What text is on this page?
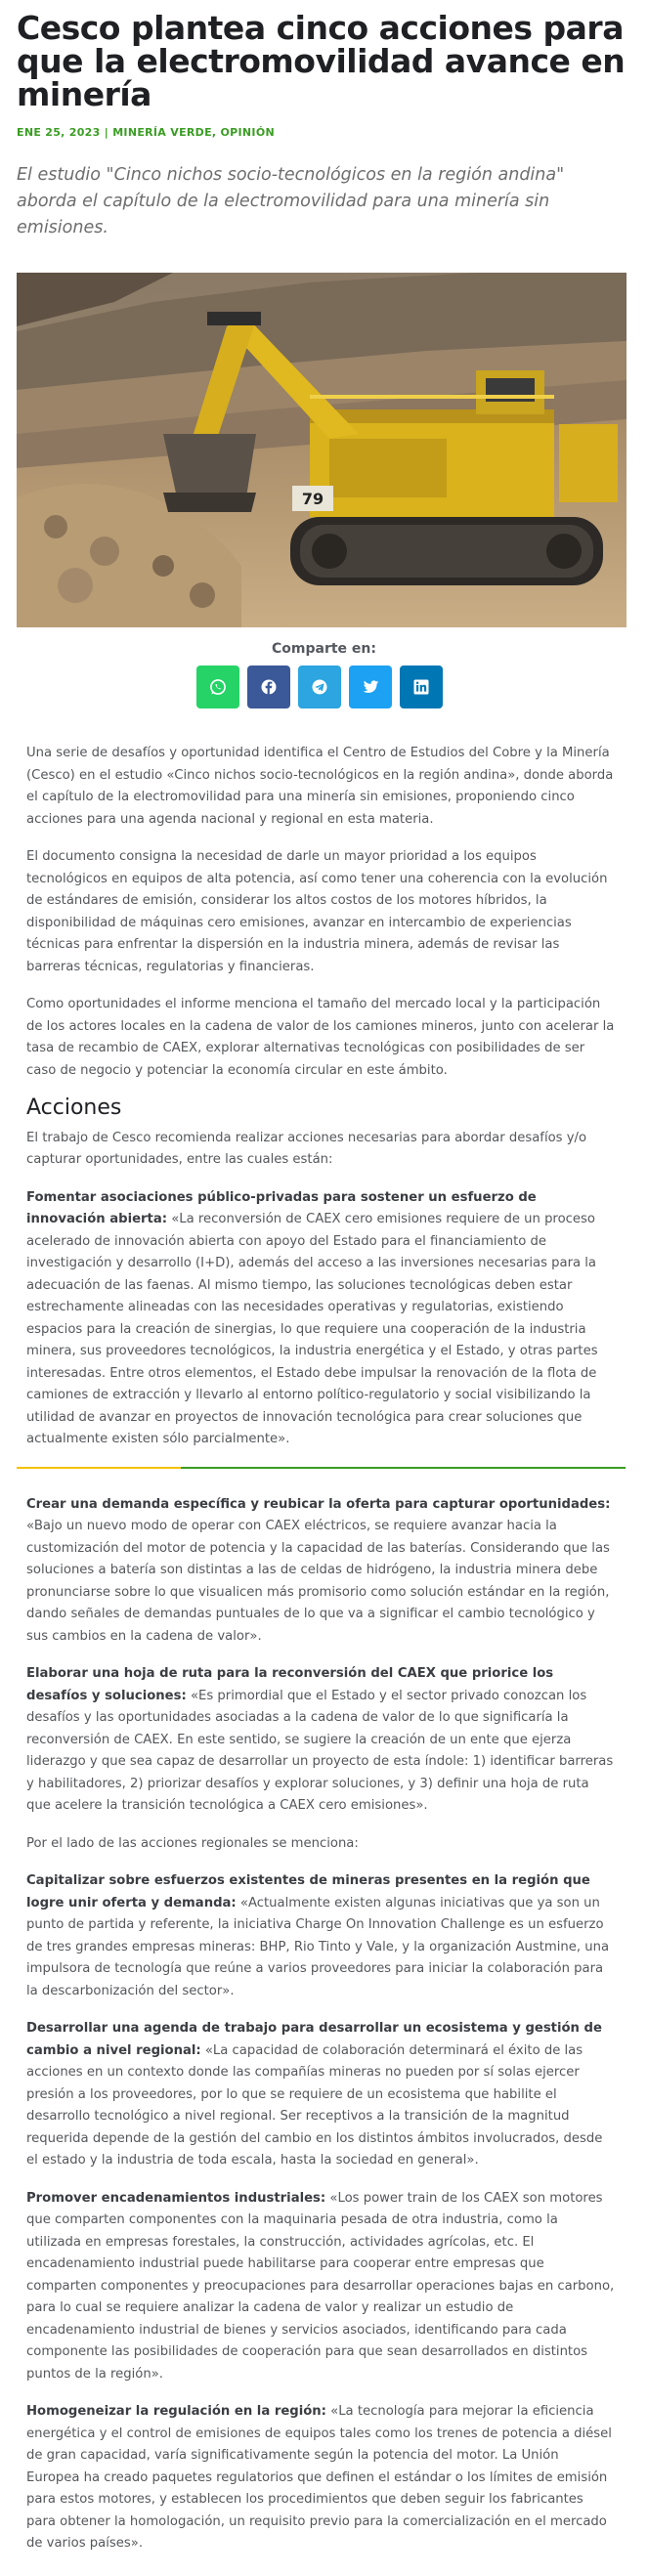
Cesco plantea cinco acciones para que la electromovilidad avance en minería
ENE 25, 2023 | MINERÍA VERDE, OPINIÓN

El estudio "Cinco nichos socio-tecnológicos en la región andina" aborda el capítulo de la electromovilidad para una minería sin emisiones.

79
Comparte en:

Una serie de desafíos y oportunidad identifica el Centro de Estudios del Cobre y la Minería (Cesco) en el estudio «Cinco nichos socio-tecnológicos en la región andina», donde aborda el capítulo de la electromovilidad para una minería sin emisiones, proponiendo cinco acciones para una agenda nacional y regional en esta materia.

El documento consigna la necesidad de darle un mayor prioridad a los equipos tecnológicos en equipos de alta potencia, así como tener una coherencia con la evolución de estándares de emisión, considerar los altos costos de los motores híbridos, la disponibilidad de máquinas cero emisiones, avanzar en intercambio de experiencias técnicas para enfrentar la dispersión en la industria minera, además de revisar las barreras técnicas, regulatorias y financieras.

Como oportunidades el informe menciona el tamaño del mercado local y la participación de los actores locales en la cadena de valor de los camiones mineros, junto con acelerar la tasa de recambio de CAEX, explorar alternativas tecnológicas con posibilidades de ser caso de negocio y potenciar la economía circular en este ámbito.

Acciones

El trabajo de Cesco recomienda realizar acciones necesarias para abordar desafíos y/o capturar oportunidades, entre las cuales están:

Fomentar asociaciones público-privadas para sostener un esfuerzo de innovación abierta: «La reconversión de CAEX cero emisiones requiere de un proceso acelerado de innovación abierta con apoyo del Estado para el financiamiento de investigación y desarrollo (I+D), además del acceso a las inversiones necesarias para la adecuación de las faenas. Al mismo tiempo, las soluciones tecnológicas deben estar estrechamente alineadas con las necesidades operativas y regulatorias, existiendo espacios para la creación de sinergias, lo que requiere una cooperación de la industria minera, sus proveedores tecnológicos, la industria energética y el Estado, y otras partes interesadas. Entre otros elementos, el Estado debe impulsar la renovación de la flota de camiones de extracción y llevarlo al entorno político-regulatorio y social visibilizando la utilidad de avanzar en proyectos de innovación tecnológica para crear soluciones que actualmente existen sólo parcialmente».

Crear una demanda específica y reubicar la oferta para capturar oportunidades: «Bajo un nuevo modo de operar con CAEX eléctricos, se requiere avanzar hacia la customización del motor de potencia y la capacidad de las baterías. Considerando que las soluciones a batería son distintas a las de celdas de hidrógeno, la industria minera debe pronunciarse sobre lo que visualicen más promisorio como solución estándar en la región, dando señales de demandas puntuales de lo que va a significar el cambio tecnológico y sus cambios en la cadena de valor».

Elaborar una hoja de ruta para la reconversión del CAEX que priorice los desafíos y soluciones: «Es primordial que el Estado y el sector privado conozcan los desafíos y las oportunidades asociadas a la cadena de valor de lo que significaría la reconversión de CAEX. En este sentido, se sugiere la creación de un ente que ejerza liderazgo y que sea capaz de desarrollar un proyecto de esta índole: 1) identificar barreras y habilitadores, 2) priorizar desafíos y explorar soluciones, y 3) definir una hoja de ruta que acelere la transición tecnológica a CAEX cero emisiones».

Por el lado de las acciones regionales se menciona:

Capitalizar sobre esfuerzos existentes de mineras presentes en la región que logre unir oferta y demanda: «Actualmente existen algunas iniciativas que ya son un punto de partida y referente, la iniciativa Charge On Innovation Challenge es un esfuerzo de tres grandes empresas mineras: BHP, Rio Tinto y Vale, y la organización Austmine, una impulsora de tecnología que reúne a varios proveedores para iniciar la colaboración para la descarbonización del sector».

Desarrollar una agenda de trabajo para desarrollar un ecosistema y gestión de cambio a nivel regional: «La capacidad de colaboración determinará el éxito de las acciones en un contexto donde las compañías mineras no pueden por sí solas ejercer presión a los proveedores, por lo que se requiere de un ecosistema que habilite el desarrollo tecnológico a nivel regional. Ser receptivos a la transición de la magnitud requerida depende de la gestión del cambio en los distintos ámbitos involucrados, desde el estado y la industria de toda escala, hasta la sociedad en general».

Promover encadenamientos industriales: «Los power train de los CAEX son motores que comparten componentes con la maquinaria pesada de otra industria, como la utilizada en empresas forestales, la construcción, actividades agrícolas, etc. El encadenamiento industrial puede habilitarse para cooperar entre empresas que comparten componentes y preocupaciones para desarrollar operaciones bajas en carbono, para lo cual se requiere analizar la cadena de valor y realizar un estudio de encadenamiento industrial de bienes y servicios asociados, identificando para cada componente las posibilidades de cooperación para que sean desarrollados en distintos puntos de la región».

Homogeneizar la regulación en la región: «La tecnología para mejorar la eficiencia energética y el control de emisiones de equipos tales como los trenes de potencia a diésel de gran capacidad, varía significativamente según la potencia del motor. La Unión Europea ha creado paquetes regulatorios que definen el estándar o los límites de emisión para estos motores, y establecen los procedimientos que deben seguir los fabricantes para obtener la homologación, un requisito previo para la comercialización en el mercado de varios países».
